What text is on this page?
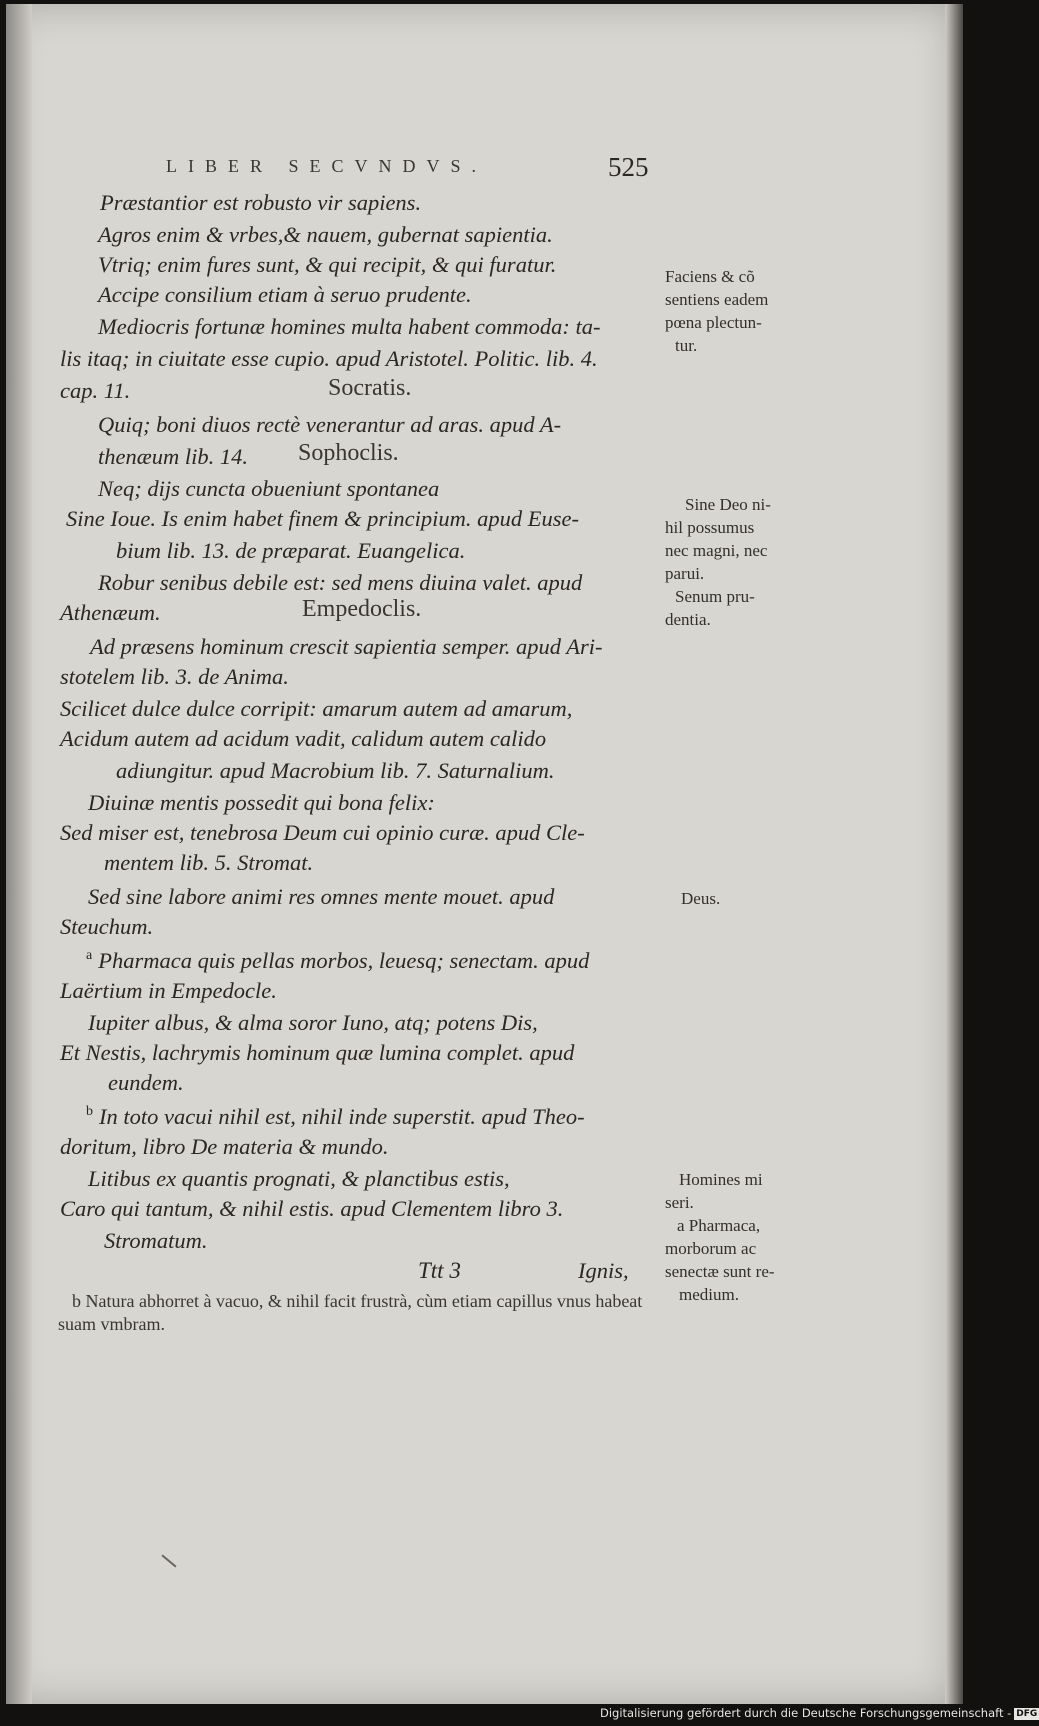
LIBER SECVNDVS.	525
Præstantior est robusto vir sapiens.
Agros enim & vrbes,& nauem, gubernat sapientia.
Vtriq; enim fures sunt, & qui recipit, & qui furatur.
Accipe consilium etiam à seruo prudente.
Mediocris fortunæ homines multa habent commoda: ta-
lis itaq; in ciuitate esse cupio. apud Aristotel. Politic. lib. 4.
cap. 11.	Socratis.
Quiq; boni diuos rectè venerantur ad aras. apud A-
thenæum lib. 14. Sophoclis.
Neq; dijs cuncta obueniunt spontanea
Sine Ioue. Is enim habet finem & principium. apud Euse-
bium lib. 13. de præparat. Euangelica.
Robur senibus debile est: sed mens diuina valet. apud
Athenæum.	Empedoclis.
Ad præsens hominum crescit sapientia semper. apud Ari-
stotelem lib. 3. de Anima.
Scilicet dulce dulce corripit: amarum autem ad amarum,
Acidum autem ad acidum vadit, calidum autem calido
adiungitur. apud Macrobium lib. 7. Saturnalium.
Diuinæ mentis possedit qui bona felix:
Sed miser est, tenebrosa Deum cui opinio curæ. apud Cle-
mentem lib. 5. Stromat.
Sed sine labore animi res omnes mente mouet. apud
Steuchum.
$^a$ Pharmaca quis pellas morbos, leuesq; senectam. apud
Laërtium in Empedocle.
Iupiter albus, & alma soror Iuno, atq; potens Dis,
Et Nestis, lachrymis hominum quæ lumina complet. apud
eundem.
$^b$ In toto vacui nihil est, nihil inde superstit. apud Theo-
doritum, libro De materia & mundo.
Litibus ex quantis prognati, & planctibus estis,
Caro qui tantum, & nihil estis. apud Clementem libro 3.
Stromatum.
Ttt 3	Ignis,
Faciens & cõ
sentiens eadem
pœna plectun-
tur.
Sine Deo ni-
hil possumus
nec magni, nec
parui.
Senum pru-
dentia.
Deus.
Homines mi
seri.
a Pharmaca,
morborum ac
senectæ sunt re-
medium.
b Natura abhorret à vacuo, & nihil facit frustrà, cùm etiam capillus vnus habeat
suam vmbram.
Digitalisierung gefördert durch die Deutsche Forschungsgemeinschaft - DFG
